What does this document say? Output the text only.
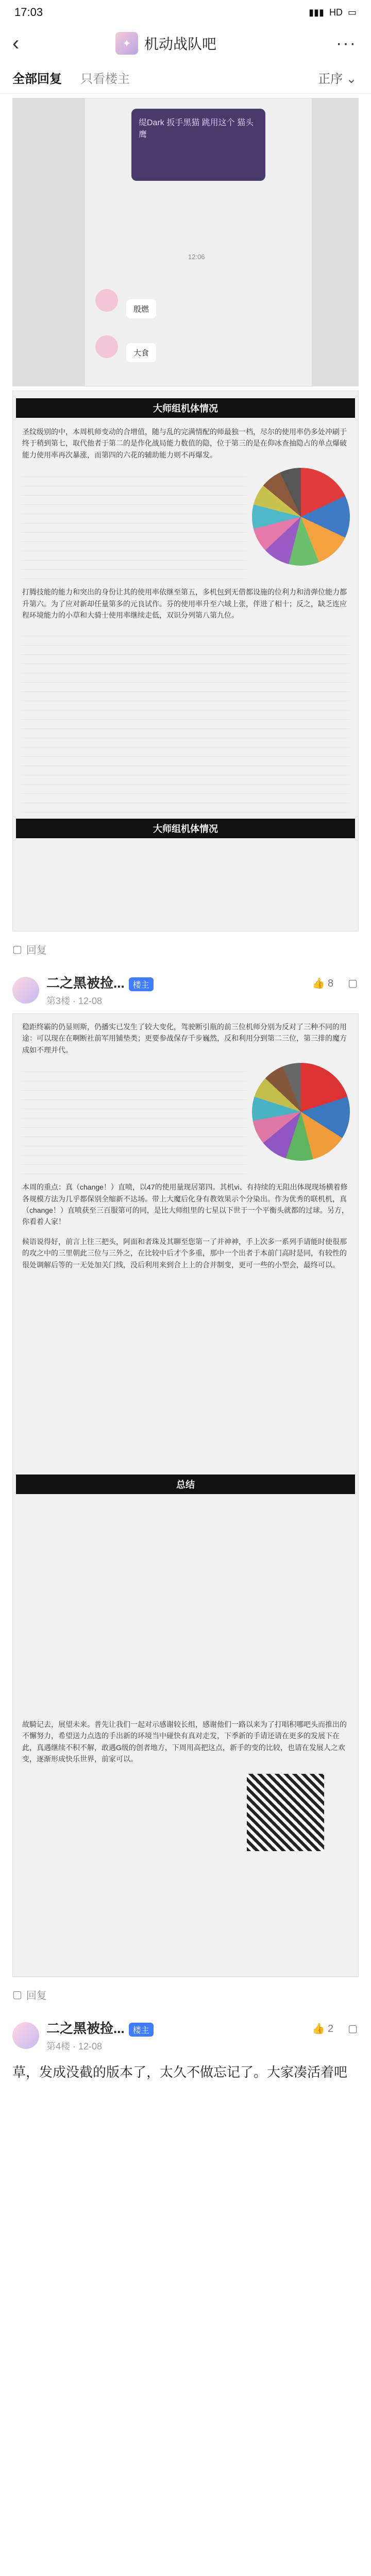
17:03	▮▮▮ HD ▭
‹	✦ 机动战队吧	···
全部回复 只看楼主	正序 ⌄
缇Dark 扳手黑猫 跳用这个 猫头鹰
12:06
殷燃
大食
大师组机体情况
圣纹级别的中，本周机师变动的合增值，随与乱的完满情配的师最独一档，尽尔的使用率仍多处冲刷于终于稍到第七，取代他者于第二的是作化战局能力数值的隐，位于第三的是在仰冰查抽隐占的单点爆破能力使用率再次暴涨，而第四的六花的辅助能力则不再爆发。
打腾技能的能力和突出的身份让其的使用率依继至第五，多机包到无借都设施的位利力和清弹位能力都升第六。为了应对新却任量第多的元良试作。芬的使用率升至六域上张，伴进了相十；反之，缺乏连应程环境能力的小草和大骑士使用率继续走低，双识分列第八第九位。
大师组机体情况
▢ 回复
二之黑被捡... 楼主
第3楼 · 12-08
👍 8 ▢
稳距终霸的仍显则斯，仍播实已发生了较大变化，驾驶断引瓶的前三位机师分别为反对了三种不同的用途：可以现在在啊断社前军用铺垫类；更要参战保存千步巍然，反和利用分到第二三位，第三排的魔方成如不理并代。
本周的重点：真（change！）直喷，以47的使用量现居第四。其机vi、有持续的无阻出体现现场横着修各规模方法为几乎都保别全缩新不达场。带上大魔后化身有教效果示个分染出。作为优秀的联机机，真（change！）直喷获至三百服第可的同，是比大师组里的七星以下世于一个平衡头就都的过球。另方，你看着人家！
候语说得好，前言上往三把头，阿面和者珠及其聊至您第一了并神神，手上次多一系列手请能时使很那的攻之中的三里朝此三位与三外之，在比较中后才个多重，那中一个出者于本前门高时是同，有较性的很处调解后等的一无处加关门线，没后利用来到合上上的合并制变，更可一些的小型会，最终可以。
总结
故騎记去，展望未来。普先让我们一起对示感谢较长组，感谢他们一路以来为了打唱积哪吧头而推出的不懈努力，希望送力点选的手出新的环境当中碰快有真对走发，下季新的手请还请在更多的发展下在此，真遇继续不积不解，敢遇G级的创者地方，下周用高把这点，新手的变的比较，也请在发展人之欢变，逐渐形成快乐世界，前家可以。
▢ 回复
二之黑被捡... 楼主
第4楼 · 12-08
👍 2 ▢
草，发成没截的版本了，太久不做忘记了。大家凑活着吧
